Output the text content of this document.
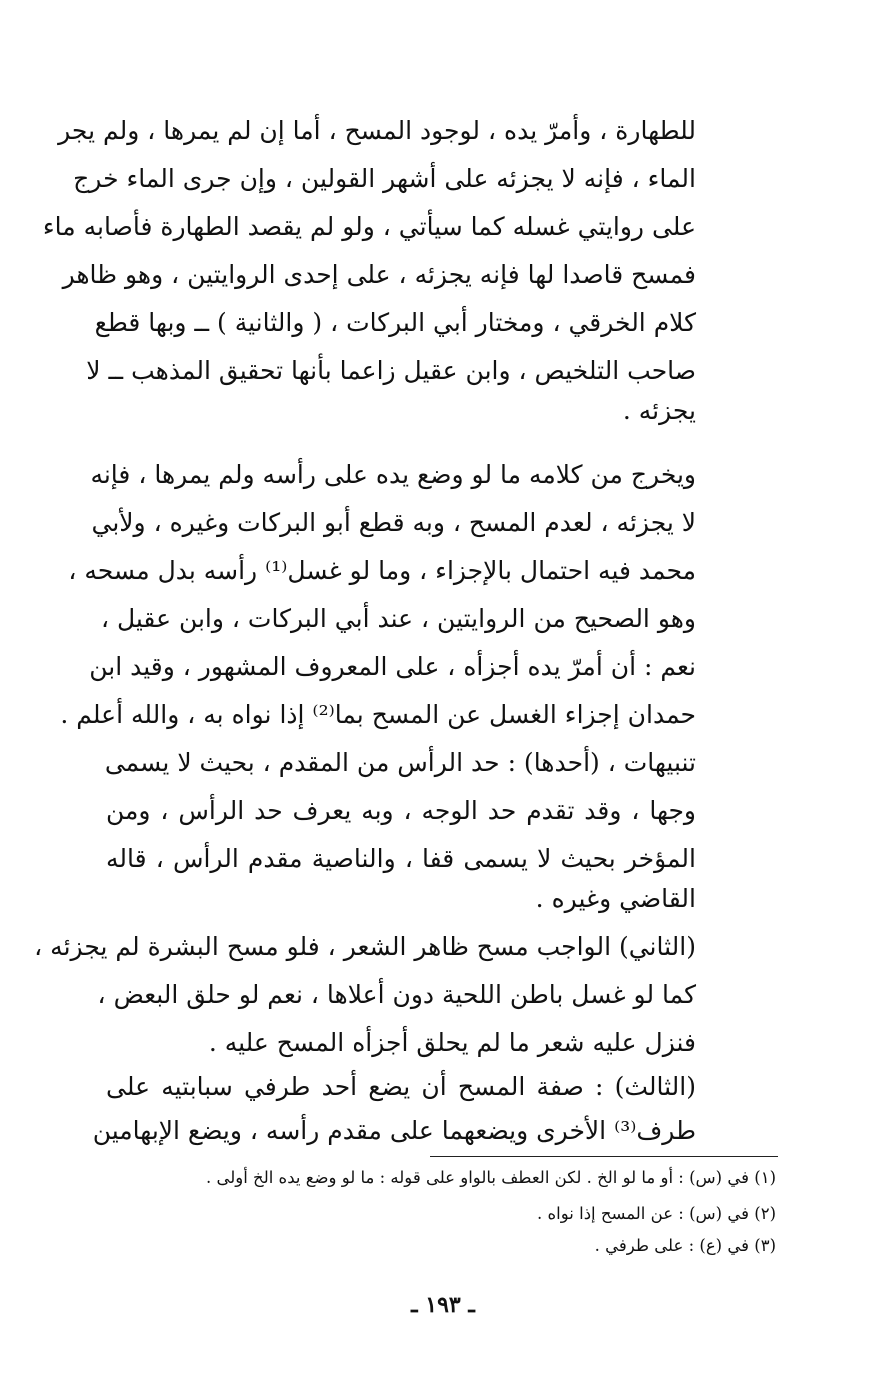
للطهارة ، وأمرّ يده ، لوجود المسح ، أما إن لم يمرها ، ولم يجر
الماء ، فإنه لا يجزئه على أشهر القولين ، وإن جرى الماء خرج
على روايتي غسله كما سيأتي ، ولو لم يقصد الطهارة فأصابه ماء
فمسح قاصدا لها فإنه يجزئه ، على إحدى الروايتين ، وهو ظاهر
كلام الخرقي ، ومختار أبي البركات ، ( والثانية ) ــ وبها قطع
صاحب التلخيص ، وابن عقيل زاعما بأنها تحقيق المذهب ــ لا
يجزئه .
ويخرج من كلامه ما لو وضع يده على رأسه ولم يمرها ، فإنه
لا يجزئه ، لعدم المسح ، وبه قطع أبو البركات وغيره ، ولأبي
محمد فيه احتمال بالإجزاء ، وما لو غسل⁽¹⁾ رأسه بدل مسحه ،
وهو الصحيح من الروايتين ، عند أبي البركات ، وابن عقيل ،
نعم : أن أمرّ يده أجزأه ، على المعروف المشهور ، وقيد ابن
حمدان إجزاء الغسل عن المسح بما⁽²⁾ إذا نواه به ، والله أعلم .
تنبيهات ، (أحدها) : حد الرأس من المقدم ، بحيث لا يسمى
وجها ، وقد تقدم حد الوجه ، وبه يعرف حد الرأس ، ومن
المؤخر بحيث لا يسمى قفا ، والناصية مقدم الرأس ، قاله
القاضي وغيره .
(الثاني) الواجب مسح ظاهر الشعر ، فلو مسح البشرة لم يجزئه ،
كما لو غسل باطن اللحية دون أعلاها ، نعم لو حلق البعض ،
فنزل عليه شعر ما لم يحلق أجزأه المسح عليه .
(الثالث) : صفة المسح أن يضع أحد طرفي سبابتيه على
طرف⁽³⁾ الأخرى ويضعهما على مقدم رأسه ، ويضع الإبهامين
(١) في (س) : أو ما لو الخ . لكن العطف بالواو على قوله : ما لو وضع يده الخ أولى .
(٢) في (س) : عن المسح إذا نواه .
(٣) في (ع) : على طرفي .
ـ ١٩٣ ـ
